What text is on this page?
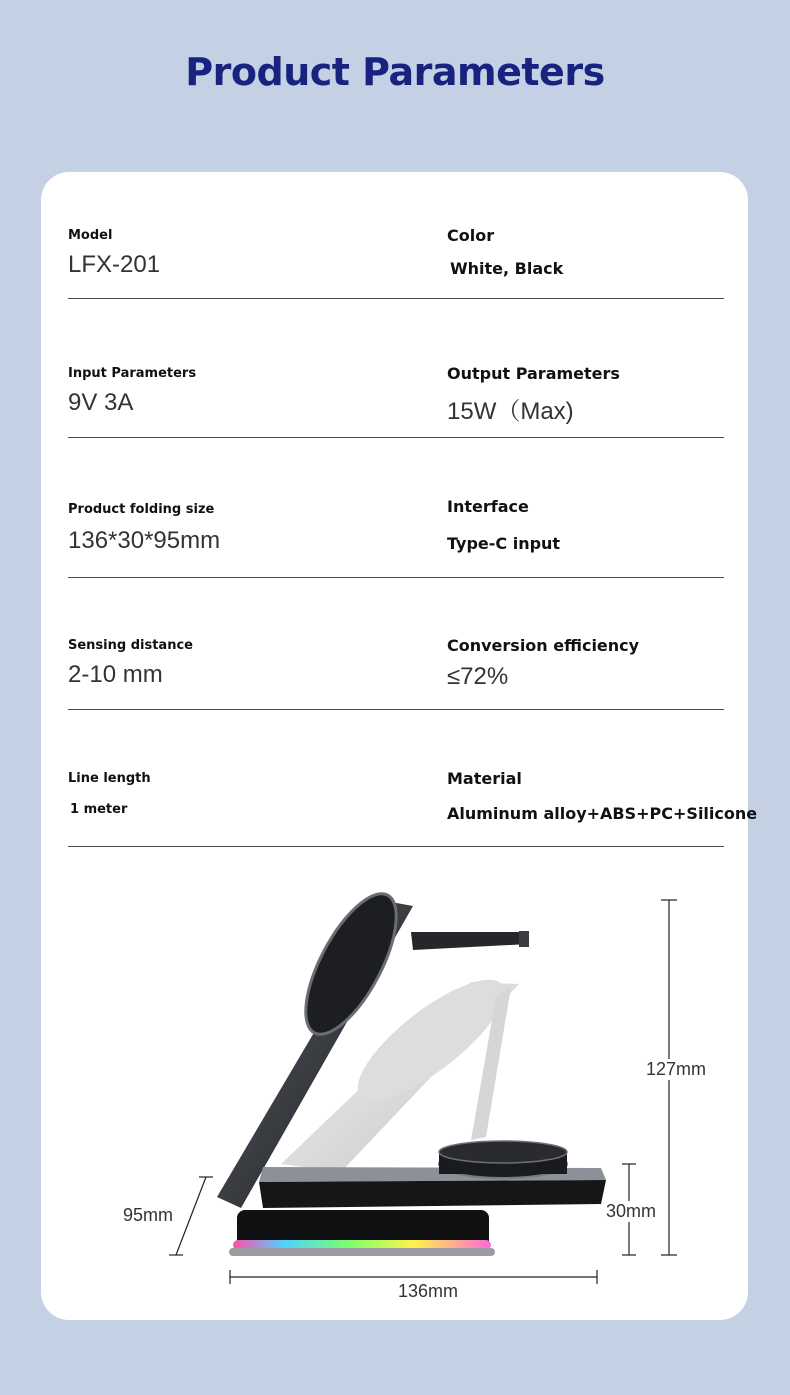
Product Parameters
Model
LFX-201
Color
White, Black
Input Parameters
9V 3A
Output Parameters
15W（Max)
Product folding size
136*30*95mm
Interface
Type-C input
Sensing distance
2-10 mm
Conversion efficiency
≤72%
Line length
1 meter
Material
Aluminum alloy+ABS+PC+Silicone
127mm
30mm
95mm
136mm
